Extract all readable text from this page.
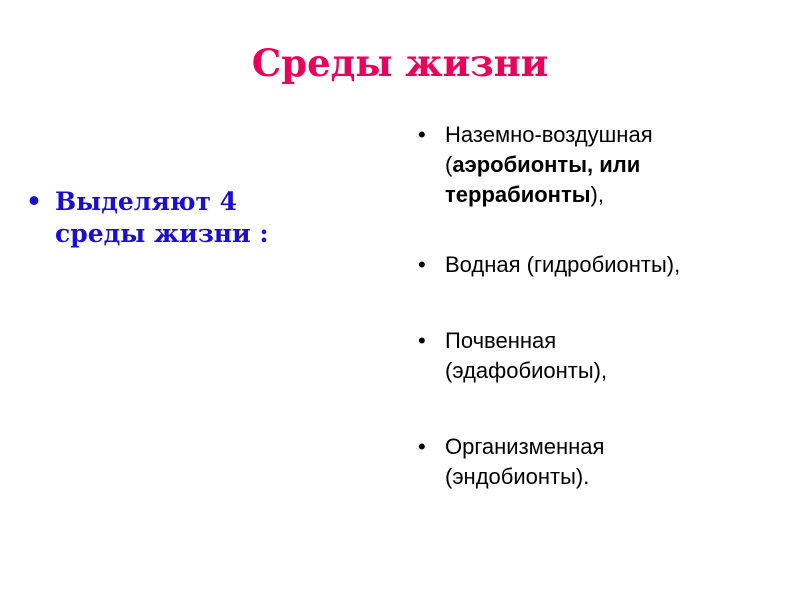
Среды жизни
• Выделяют 4
среды жизни :
• Наземно-воздушная
(аэробионты, или
террабионты),
• Водная (гидробионты),
• Почвенная
(эдафобионты),
• Организменная
(эндобионты).
